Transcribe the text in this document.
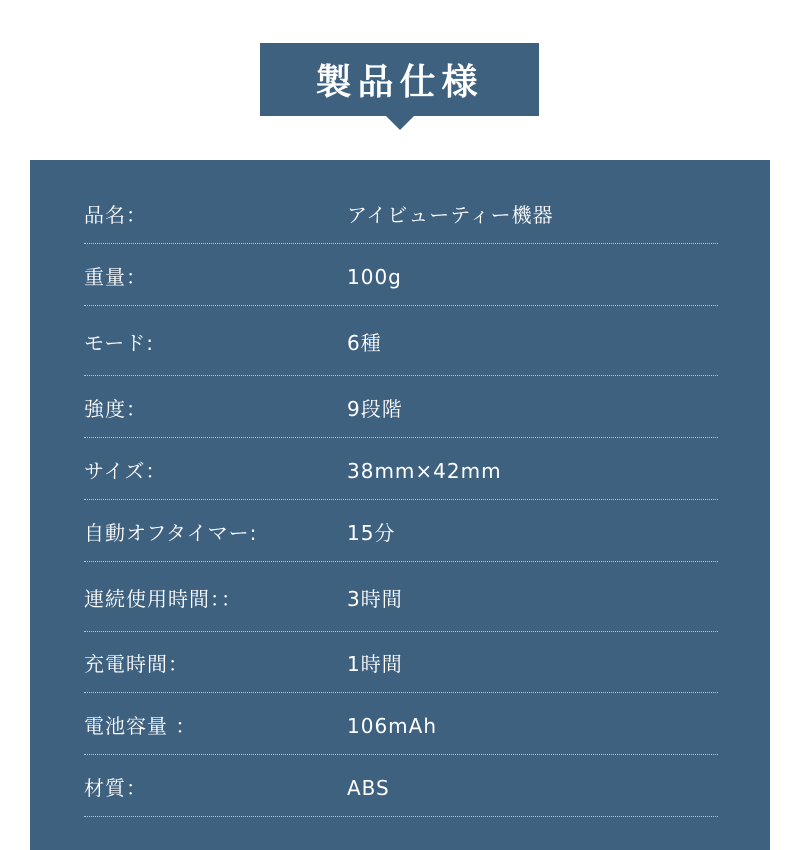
製品仕様
品名：	アイビューティー機器
重量：	100g
モード:	6種
強度：	9段階
サイズ：	38mm×42mm
自動オフタイマー:	15分
連続使用時間：：	3時間
充電時間：	1時間
電池容量 ：	106mAh
材質：	ABS
